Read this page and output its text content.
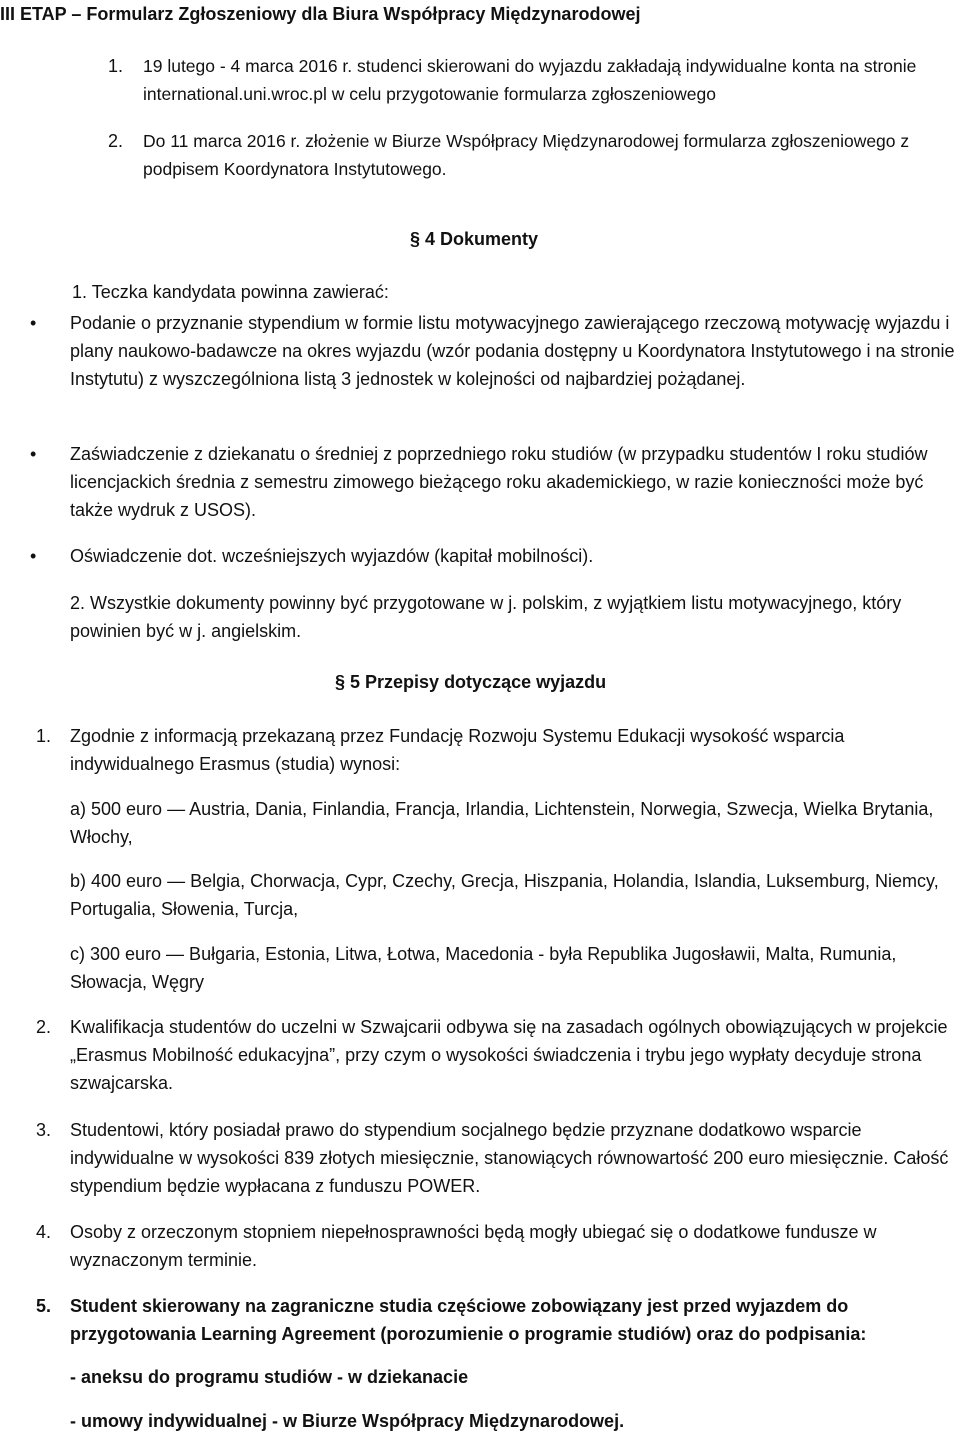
III ETAP – Formularz Zgłoszeniowy dla Biura Współpracy Międzynarodowej
1. 19 lutego - 4 marca 2016 r. studenci skierowani do wyjazdu zakładają indywidualne konta na stronie international.uni.wroc.pl w celu przygotowanie formularza zgłoszeniowego
2. Do 11 marca 2016 r. złożenie w Biurze Współpracy Międzynarodowej formularza zgłoszeniowego z podpisem Koordynatora Instytutowego.
§ 4 Dokumenty
1. Teczka kandydata powinna zawierać:
• Podanie o przyznanie stypendium w formie listu motywacyjnego zawierającego rzeczową motywację wyjazdu i plany naukowo-badawcze na okres wyjazdu (wzór podania dostępny u Koordynatora Instytutowego i na stronie Instytutu) z wyszczególniona listą 3 jednostek w kolejności od najbardziej pożądanej.
• Zaświadczenie z dziekanatu o średniej z poprzedniego roku studiów (w przypadku studentów I roku studiów licencjackich średnia z semestru zimowego bieżącego roku akademickiego, w razie konieczności może być także wydruk z USOS).
• Oświadczenie dot. wcześniejszych wyjazdów (kapitał mobilności).
2. Wszystkie dokumenty powinny być przygotowane w j. polskim, z wyjątkiem listu motywacyjnego, który powinien być w j. angielskim.
§ 5 Przepisy dotyczące wyjazdu
1. Zgodnie z informacją przekazaną przez Fundację Rozwoju Systemu Edukacji wysokość wsparcia indywidualnego Erasmus (studia) wynosi:
a) 500 euro — Austria, Dania, Finlandia, Francja, Irlandia, Lichtenstein, Norwegia, Szwecja, Wielka Brytania, Włochy,
b) 400 euro — Belgia, Chorwacja, Cypr, Czechy, Grecja, Hiszpania, Holandia, Islandia, Luksemburg, Niemcy, Portugalia, Słowenia, Turcja,
c) 300 euro — Bułgaria, Estonia, Litwa, Łotwa, Macedonia - była Republika Jugosławii, Malta, Rumunia, Słowacja, Węgry
2. Kwalifikacja studentów do uczelni w Szwajcarii odbywa się na zasadach ogólnych obowiązujących w projekcie „Erasmus Mobilność edukacyjna”, przy czym o wysokości świadczenia i trybu jego wypłaty decyduje strona szwajcarska.
3. Studentowi, który posiadał prawo do stypendium socjalnego będzie przyznane dodatkowo wsparcie indywidualne w wysokości 839 złotych miesięcznie, stanowiących równowartość 200 euro miesięcznie. Całość stypendium będzie wypłacana z funduszu POWER.
4. Osoby z orzeczonym stopniem niepełnosprawności będą mogły ubiegać się o dodatkowe fundusze w wyznaczonym terminie.
5. Student skierowany na zagraniczne studia częściowe zobowiązany jest przed wyjazdem do przygotowania Learning Agreement (porozumienie o programie studiów) oraz do podpisania:
- aneksu do programu studiów - w dziekanacie
- umowy indywidualnej - w Biurze Współpracy Międzynarodowej.
